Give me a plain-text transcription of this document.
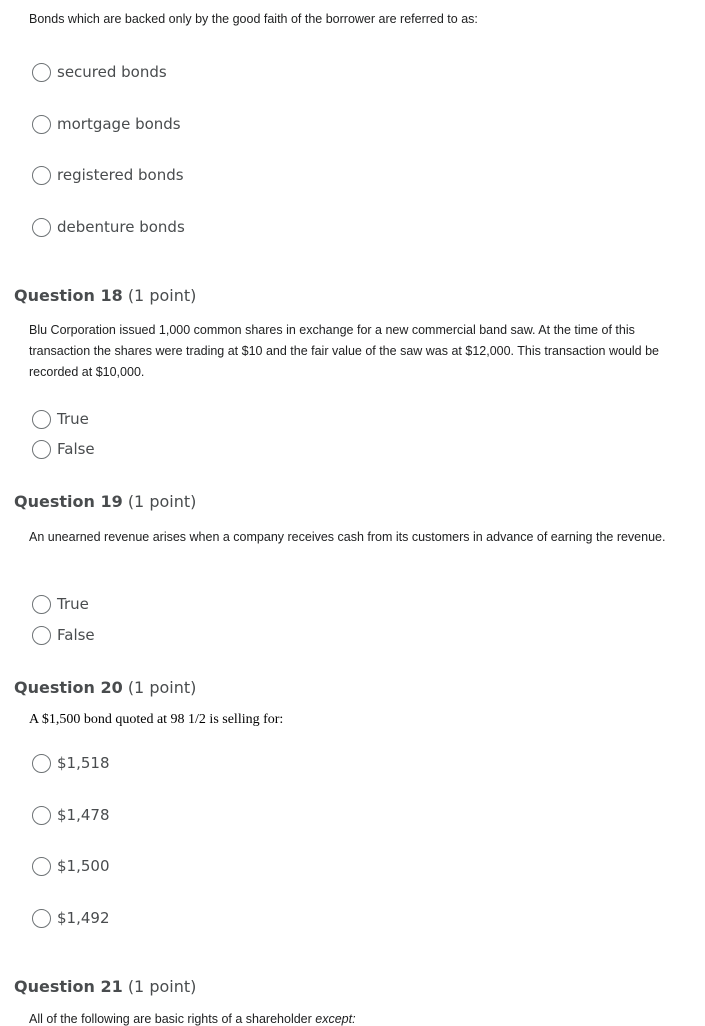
Bonds which are backed only by the good faith of the borrower are referred to as:
secured bonds
mortgage bonds
registered bonds
debenture bonds
Question 18 (1 point)
Blu Corporation issued 1,000 common shares in exchange for a new commercial band saw. At the time of this transaction the shares were trading at $10 and the fair value of the saw was at $12,000. This transaction would be recorded at $10,000.
True
False
Question 19 (1 point)
An unearned revenue arises when a company receives cash from its customers in advance of earning the revenue.
True
False
Question 20 (1 point)
A $1,500 bond quoted at 98 1/2 is selling for:
$1,518
$1,478
$1,500
$1,492
Question 21 (1 point)
All of the following are basic rights of a shareholder except:
